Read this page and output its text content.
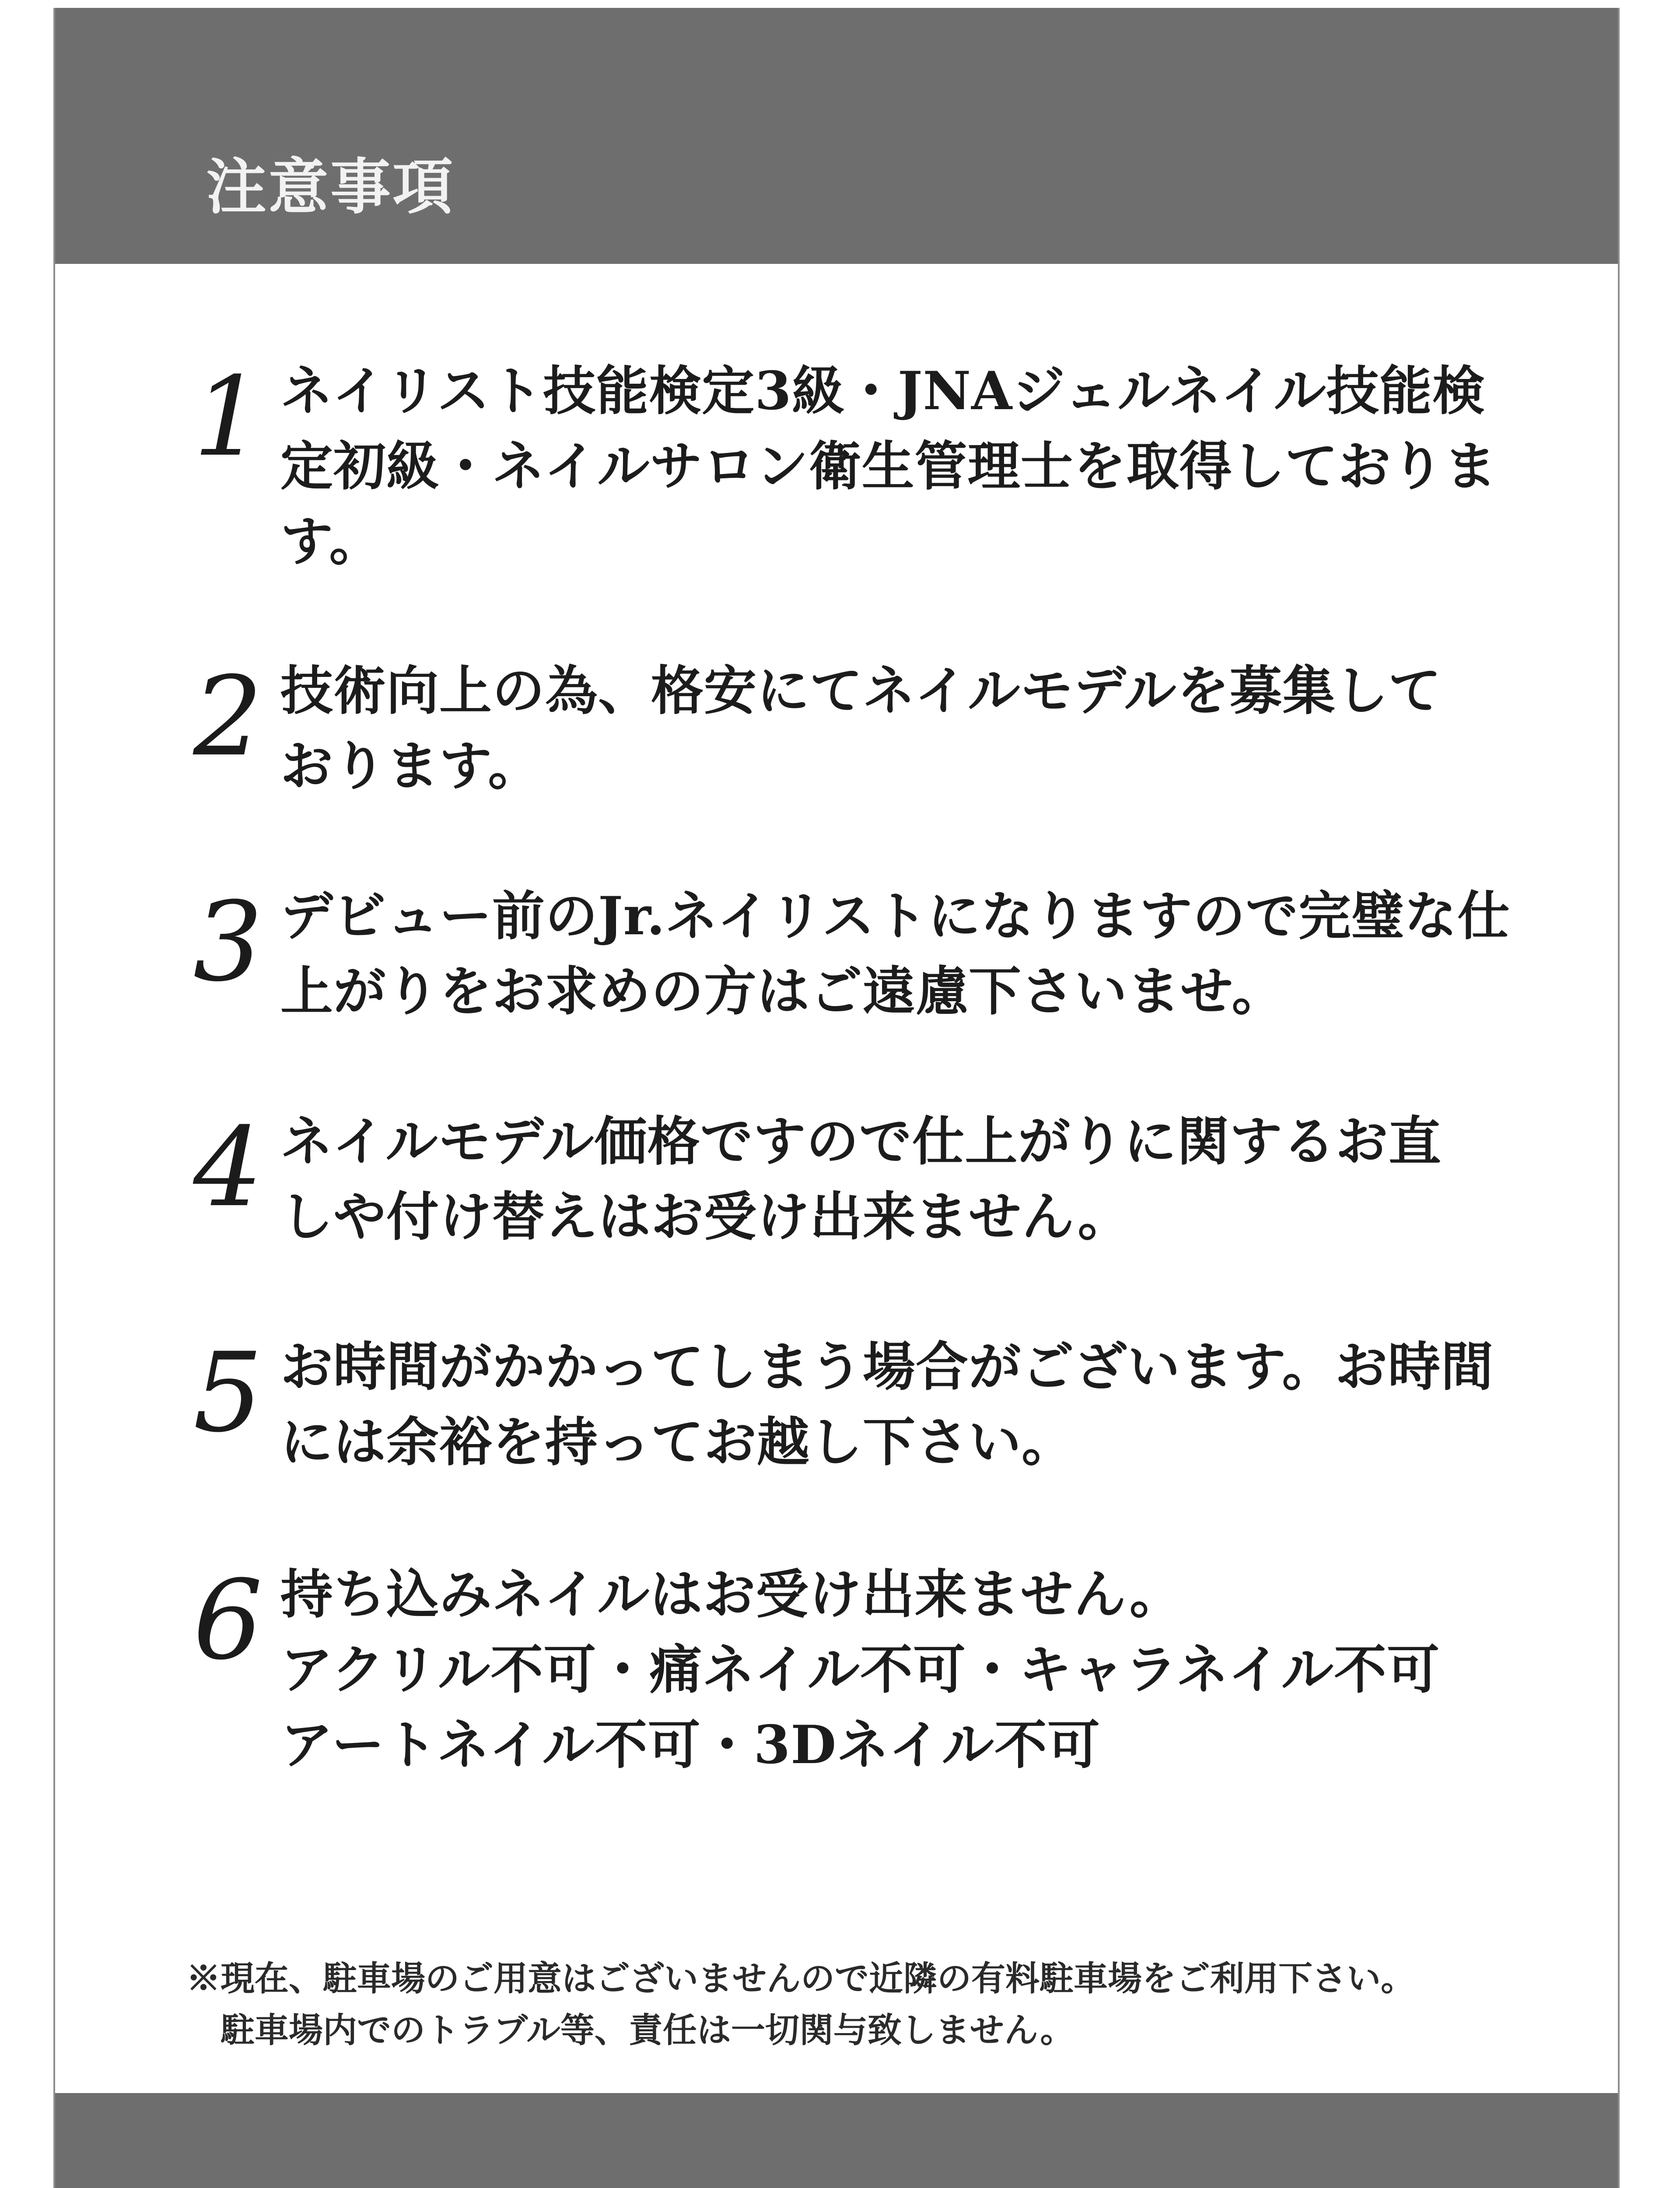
注意事項
1 ネイリスト技能検定3級・JNAジェルネイル技能検
定初級・ネイルサロン衛生管理士を取得しておりま
す。
2 技術向上の為、格安にてネイルモデルを募集して
おります。
3 デビュー前のJr.ネイリストになりますので完璧な仕
上がりをお求めの方はご遠慮下さいませ。
4 ネイルモデル価格ですので仕上がりに関するお直
しや付け替えはお受け出来ません。
5 お時間がかかってしまう場合がございます。お時間
には余裕を持ってお越し下さい。
6 持ち込みネイルはお受け出来ません。
アクリル不可・痛ネイル不可・キャラネイル不可
アートネイル不可・3Dネイル不可
※現在、駐車場のご用意はございませんので近隣の有料駐車場をご利用下さい。
駐車場内でのトラブル等、責任は一切関与致しません。
